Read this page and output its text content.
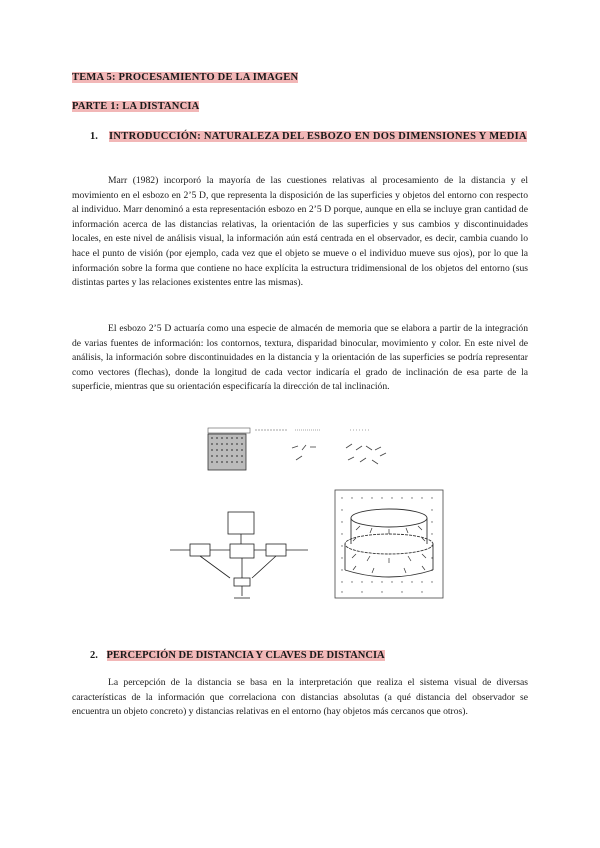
TEMA 5: PROCESAMIENTO DE LA IMAGEN
PARTE 1: LA DISTANCIA
1. INTRODUCCIÓN: NATURALEZA DEL ESBOZO EN DOS DIMENSIONES Y MEDIA

Marr (1982) incorporó la mayoría de las cuestiones relativas al procesamiento de la distancia y el movimiento en el esbozo en 2’5 D, que representa la disposición de las superficies y objetos del entorno con respecto al individuo. Marr denominó a esta representación esbozo en 2’5 D porque, aunque en ella se incluye gran cantidad de información acerca de las distancias relativas, la orientación de las superficies y sus cambios y discontinuidades locales, en este nivel de análisis visual, la información aún está centrada en el observador, es decir, cambia cuando lo hace el punto de visión (por ejemplo, cada vez que el objeto se mueve o el individuo mueve sus ojos), por lo que la información sobre la forma que contiene no hace explícita la estructura tridimensional de los objetos del entorno (sus distintas partes y las relaciones existentes entre las mismas).

El esbozo 2’5 D actuaría como una especie de almacén de memoria que se elabora a partir de la integración de varias fuentes de información: los contornos, textura, disparidad binocular, movimiento y color. En este nivel de análisis, la información sobre discontinuidades en la distancia y la orientación de las superficies se podría representar como vectores (flechas), donde la longitud de cada vector indicaría el grado de inclinación de esa parte de la superficie, mientras que su orientación especificaría la dirección de tal inclinación.

2. PERCEPCIÓN DE DISTANCIA Y CLAVES DE DISTANCIA

La percepción de la distancia se basa en la interpretación que realiza el sistema visual de diversas características de la información que correlaciona con distancias absolutas (a qué distancia del observador se encuentra un objeto concreto) y distancias relativas en el entorno (hay objetos más cercanos que otros).
